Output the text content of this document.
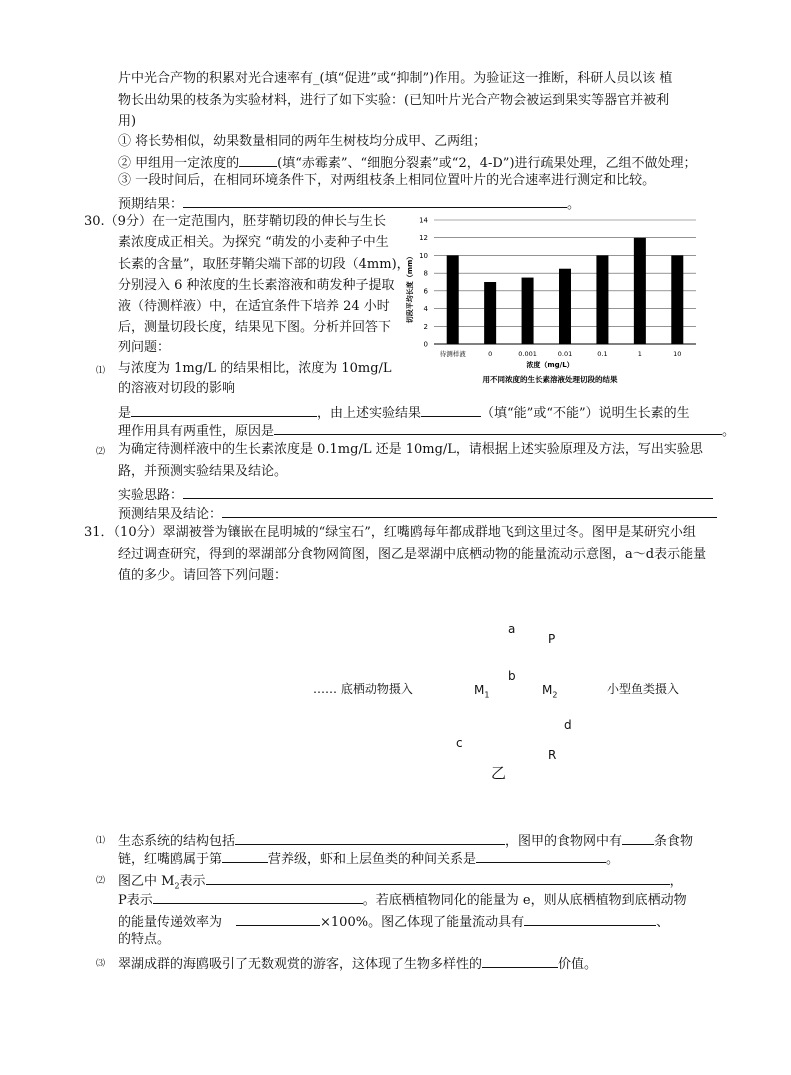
片中光合产物的积累对光合速率有_(填“促进”或“抑制”)作用。为验证这一推断，科研人员以该 植
物长出幼果的枝条为实验材料，进行了如下实验：(已知叶片光合产物会被运到果实等器官并被利
用)
① 将长势相似，幼果数量相同的两年生树枝均分成甲、乙两组；
② 甲组用一定浓度的	(填“赤霉素”、“细胞分裂素”或“2，4-D”)进行疏果处理，乙组不做处理；
③ 一段时间后，在相同环境条件下，对两组枝条上相同位置叶片的光合速率进行测定和比较。
预期结果：	。
30.（9分）在一定范围内，胚芽鞘切段的伸长与生长
素浓度成正相关。为探究 “萌发的小麦种子中生
长素的含量”，取胚芽鞘尖端下部的切段（4mm)，
分别浸入 6 种浓度的生长素溶液和萌发种子提取
液（待测样液）中，在适宜条件下培养 24 小时
后，测量切段长度，结果见下图。分析并回答下
列问题：
⑴ 与浓度为 1mg/L 的结果相比，浓度为 10mg/L
的溶液对切段的影响
是	，由上述实验结果	（填“能”或“不能”）说明生长素的生
理作用具有两重性，原因是	。
⑵ 为确定待测样液中的生长素浓度是 0.1mg/L 还是 10mg/L，请根据上述实验原理及方法，写出实验思
路，并预测实验结果及结论。
实验思路：
预测结果及结论：
0
2
4
6
8
10
12
14
待测样液	0	0.001	0.01	0.1	1	10
切段平均长度（mm）
浓度（mg/L）
用不同浓度的生长素溶液处理切段的结果
31．（10分）翠湖被誉为镶嵌在昆明城的“绿宝石”，红嘴鸥每年都成群地飞到这里过冬。图甲是某研究小组
经过调查研究，得到的翠湖部分食物网简图，图乙是翠湖中底栖动物的能量流动示意图，a～d表示能量
值的多少。请回答下列问题：
a
P
b
…… 底栖动物摄入	$M_1$	$M_2$	小型鱼类摄入
d
c
R
乙
⑴ 生态系统的结构包括	，图甲的食物网中有 条食物
链，红嘴鸥属于第	营养级，虾和上层鱼类的种间关系是	。
⑵ 图乙中 $M_2$表示	，
P表示	。若底栖植物同化的能量为 e，则从底栖植物到底栖动物
的能量传递效率为	×100%。图乙体现了能量流动具有	、
的特点。
⑶ 翠湖成群的海鸥吸引了无数观赏的游客，这体现了生物多样性的	价值。
